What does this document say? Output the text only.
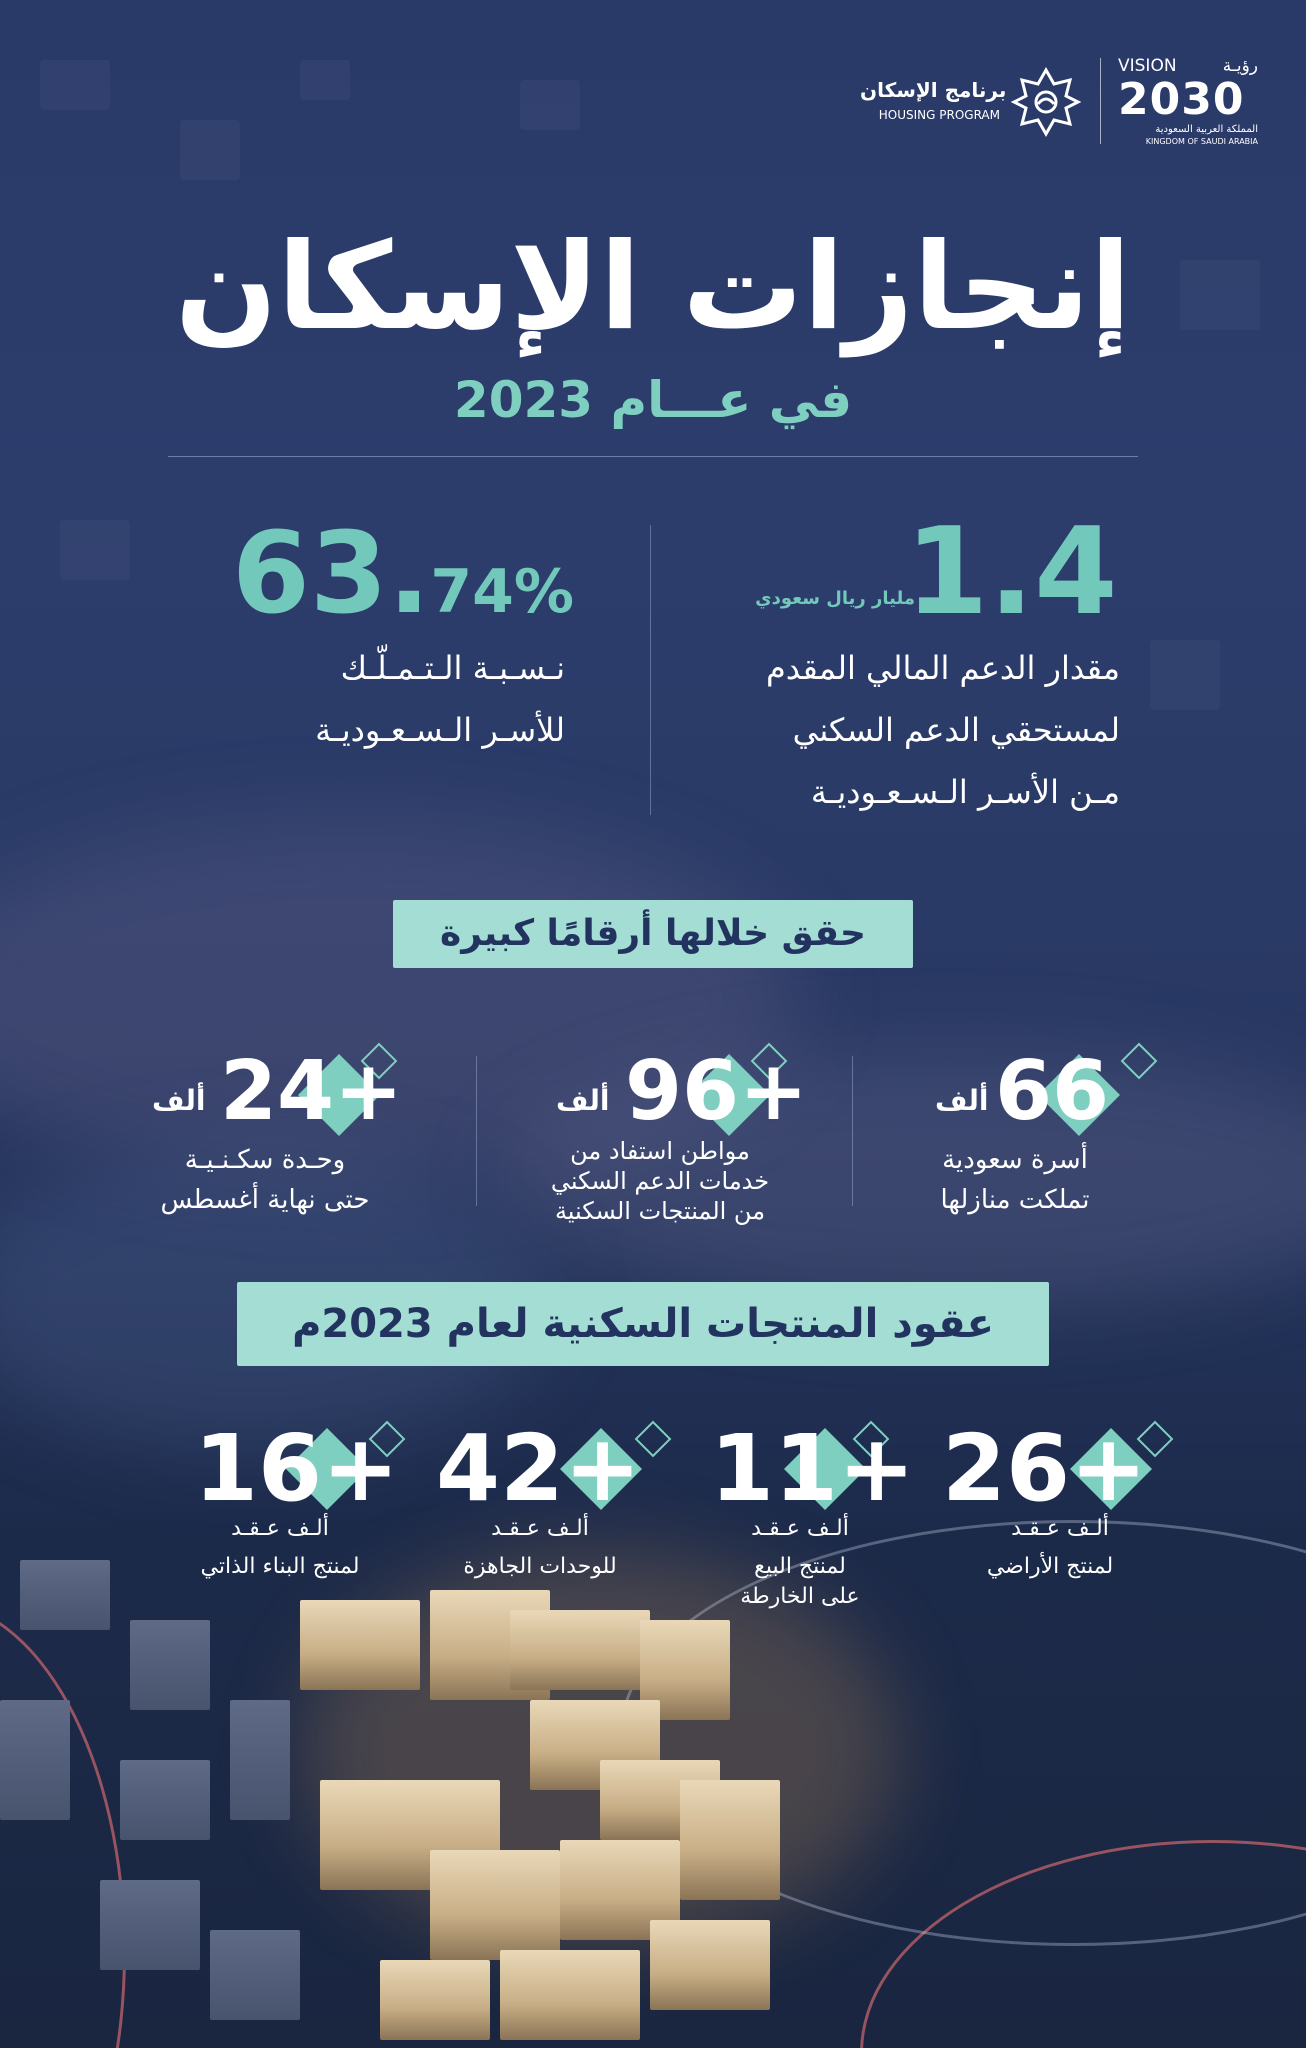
VISION	رؤيـة
2030
المملكة العربية السعودية
KINGDOM OF SAUDI ARABIA
برنامج الإسكان
HOUSING PROGRAM
إنجازات الإسكان
في عـــام 2023
1.4
مليار ريال سعودي
مقدار الدعم المالي المقدم
لمستحقي الدعم السكني
مـن الأسـر الـسـعـوديـة
63.74%
نـسـبـة الـتـمـلّـك
للأسـر الـسـعـوديـة
حقق خلالها أرقامًا كبيرة
66
ألف
أسرة سعودية
تملكت منازلها
96+
ألف
مواطن استفاد من
خدمات الدعم السكني
من المنتجات السكنية
24+
ألف
وحـدة سكـنـيـة
حتى نهاية أغسطس
عقود المنتجات السكنية لعام 2023م
26+
ألـف عـقـد
لمنتج الأراضي
11+
ألـف عـقـد
لمنتج البيع
على الخارطة
42+
ألـف عـقـد
للوحدات الجاهزة
16+
ألـف عـقـد
لمنتج البناء الذاتي
